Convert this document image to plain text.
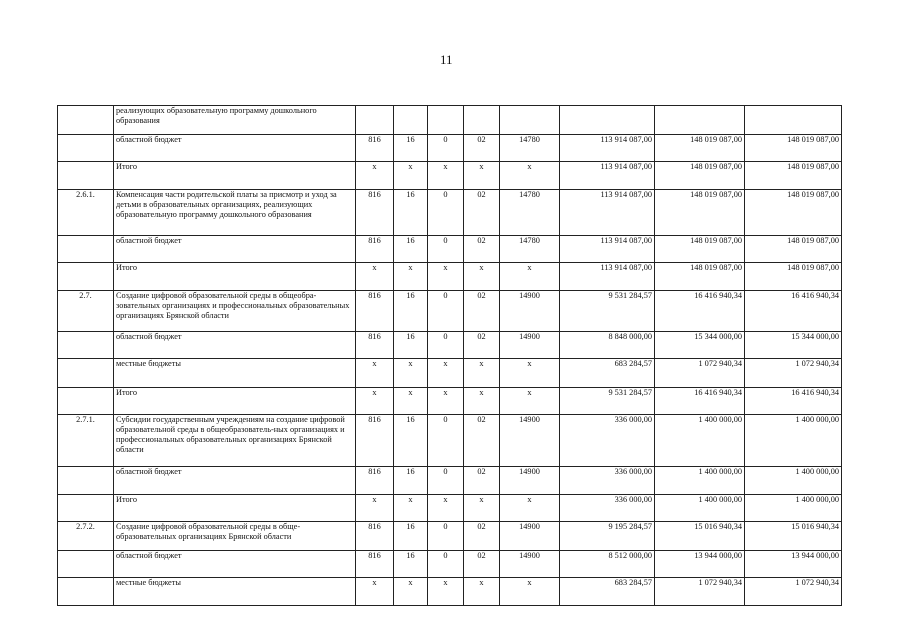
11
	реализующих образовательную программу дошкольного образования								
	областной бюджет	816	16	0	02	14780	113 914 087,00	148 019 087,00	148 019 087,00
	Итого	х	х	х	х	х	113 914 087,00	148 019 087,00	148 019 087,00
2.6.1.	Компенсация части родительской платы за присмотр и уход за детьми в образовательных организациях, реализующих образовательную программу дошкольного образования	816	16	0	02	14780	113 914 087,00	148 019 087,00	148 019 087,00
	областной бюджет	816	16	0	02	14780	113 914 087,00	148 019 087,00	148 019 087,00
	Итого	х	х	х	х	х	113 914 087,00	148 019 087,00	148 019 087,00
2.7.	Создание цифровой образовательной среды в общеобра-зовательных организациях и профессиональных образовательных организациях Брянской области	816	16	0	02	14900	9 531 284,57	16 416 940,34	16 416 940,34
	областной бюджет	816	16	0	02	14900	8 848 000,00	15 344 000,00	15 344 000,00
	местные бюджеты	х	х	х	х	х	683 284,57	1 072 940,34	1 072 940,34
	Итого	х	х	х	х	х	9 531 284,57	16 416 940,34	16 416 940,34
2.7.1.	Субсидии государственным учреждениям на создание цифровой образовательной среды в общеобразователь-ных организациях и профессиональных образовательных организациях Брянской области	816	16	0	02	14900	336 000,00	1 400 000,00	1 400 000,00
	областной бюджет	816	16	0	02	14900	336 000,00	1 400 000,00	1 400 000,00
	Итого	х	х	х	х	х	336 000,00	1 400 000,00	1 400 000,00
2.7.2.	Создание цифровой образовательной среды в обще-образовательных организациях Брянской области	816	16	0	02	14900	9 195 284,57	15 016 940,34	15 016 940,34
	областной бюджет	816	16	0	02	14900	8 512 000,00	13 944 000,00	13 944 000,00
	местные бюджеты	х	х	х	х	х	683 284,57	1 072 940,34	1 072 940,34
